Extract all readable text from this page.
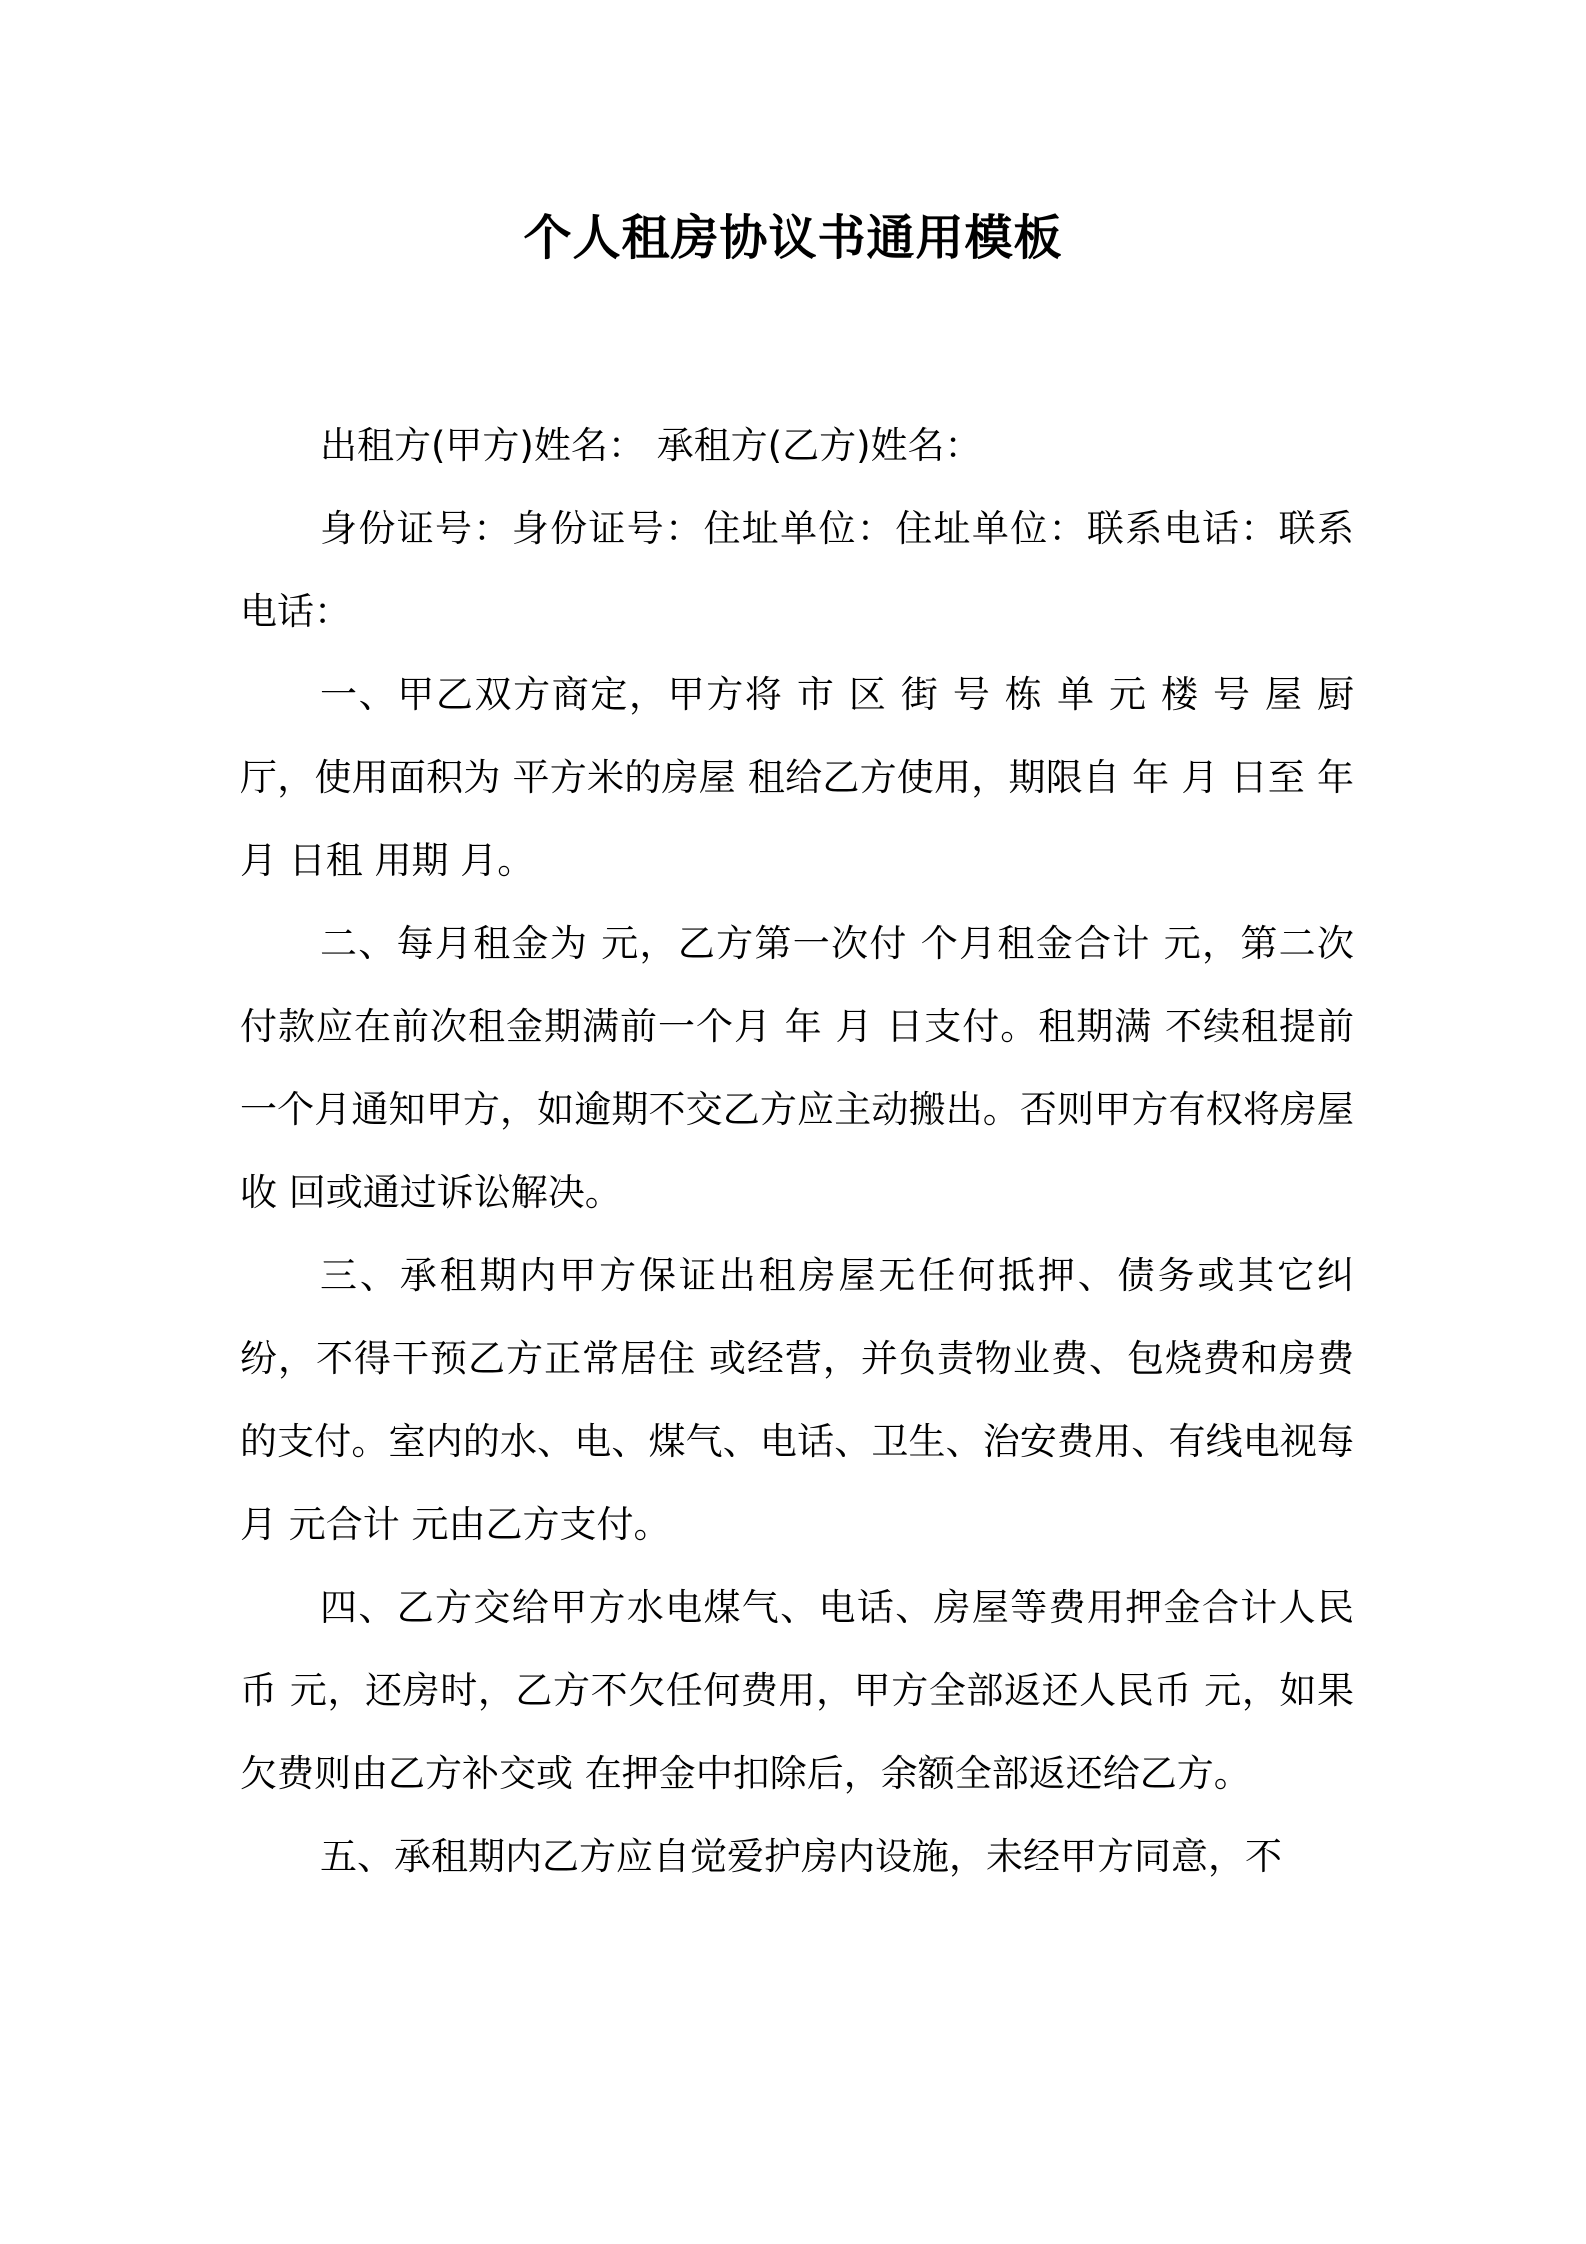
个人租房协议书通用模板

出租方(甲方)姓名： 承租方(乙方)姓名：

身份证号：身份证号：住址单位：住址单位：联系电话：联系电话：

一、甲乙双方商定，甲方将 市 区 街 号 栋 单 元 楼 号 屋 厨 厅，使用面积为 平方米的房屋 租给乙方使用，期限自 年 月 日至 年 月 日租 用期 月。

二、每月租金为 元，乙方第一次付 个月租金合计 元，第二次付款应在前次租金期满前一个月 年 月 日支付。租期满 不续租提前一个月通知甲方，如逾期不交乙方应主动搬出。否则甲方有权将房屋收 回或通过诉讼解决。

三、承租期内甲方保证出租房屋无任何抵押、债务或其它纠纷，不得干预乙方正常居住 或经营，并负责物业费、包烧费和房费的支付。室内的水、电、煤气、电话、卫生、治安费用、有线电视每月 元合计 元由乙方支付。

四、乙方交给甲方水电煤气、电话、房屋等费用押金合计人民币 元，还房时，乙方不欠任何费用，甲方全部返还人民币 元，如果欠费则由乙方补交或 在押金中扣除后，余额全部返还给乙方。

五、承租期内乙方应自觉爱护房内设施，未经甲方同意，不
